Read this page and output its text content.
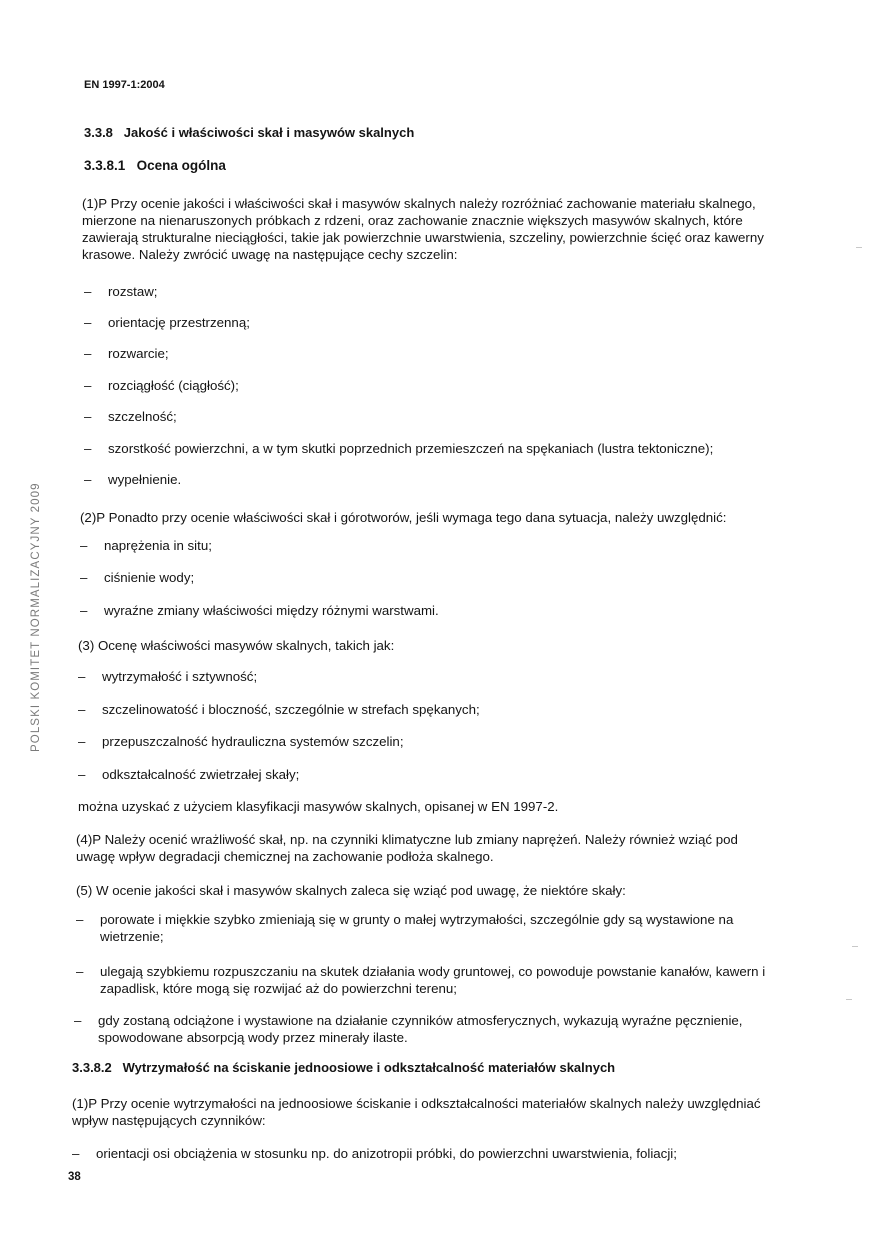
EN 1997-1:2004
3.3.8 Jakość i właściwości skał i masywów skalnych
3.3.8.1 Ocena ogólna
(1)P Przy ocenie jakości i właściwości skał i masywów skalnych należy rozróżniać zachowanie materiału skalnego, mierzone na nienaruszonych próbkach z rdzeni, oraz zachowanie znacznie większych masywów skalnych, które zawierają strukturalne nieciągłości, takie jak powierzchnie uwarstwienia, szczeliny, powierzchnie ścięć oraz kawerny krasowe. Należy zwrócić uwagę na następujące cechy szczelin:
– rozstaw;
– orientację przestrzenną;
– rozwarcie;
– rozciągłość (ciągłość);
– szczelność;
– szorstkość powierzchni, a w tym skutki poprzednich przemieszczeń na spękaniach (lustra tektoniczne);
– wypełnienie.
(2)P Ponadto przy ocenie właściwości skał i górotworów, jeśli wymaga tego dana sytuacja, należy uwzględnić:
– naprężenia in situ;
– ciśnienie wody;
– wyraźne zmiany właściwości między różnymi warstwami.
(3) Ocenę właściwości masywów skalnych, takich jak:
– wytrzymałość i sztywność;
– szczelinowatość i bloczność, szczególnie w strefach spękanych;
– przepuszczalność hydrauliczna systemów szczelin;
– odkształcalność zwietrzałej skały;
można uzyskać z użyciem klasyfikacji masywów skalnych, opisanej w EN 1997-2.
(4)P Należy ocenić wrażliwość skał, np. na czynniki klimatyczne lub zmiany naprężeń. Należy również wziąć pod uwagę wpływ degradacji chemicznej na zachowanie podłoża skalnego.
(5) W ocenie jakości skał i masywów skalnych zaleca się wziąć pod uwagę, że niektóre skały:
– porowate i miękkie szybko zmieniają się w grunty o małej wytrzymałości, szczególnie gdy są wystawione na wietrzenie;
– ulegają szybkiemu rozpuszczaniu na skutek działania wody gruntowej, co powoduje powstanie kanałów, kawern i zapadlisk, które mogą się rozwijać aż do powierzchni terenu;
– gdy zostaną odciążone i wystawione na działanie czynników atmosferycznych, wykazują wyraźne pęcznienie, spowodowane absorpcją wody przez minerały ilaste.
3.3.8.2 Wytrzymałość na ściskanie jednoosiowe i odkształcalność materiałów skalnych
(1)P Przy ocenie wytrzymałości na jednoosiowe ściskanie i odkształcalności materiałów skalnych należy uwzględniać wpływ następujących czynników:
– orientacji osi obciążenia w stosunku np. do anizotropii próbki, do powierzchni uwarstwienia, foliacji;
POLSKI KOMITET NORMALIZACYJNY 2009
38
